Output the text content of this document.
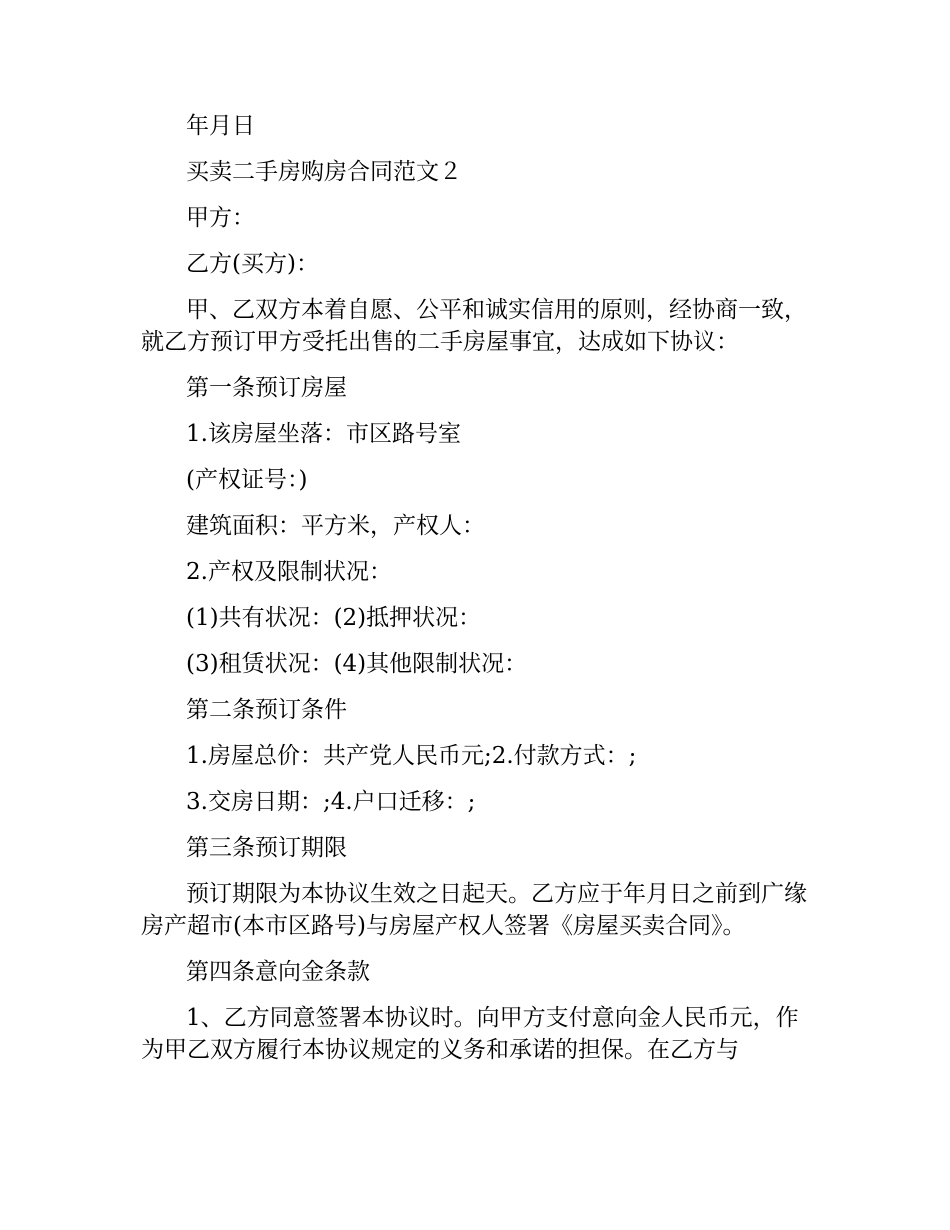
年月日

买卖二手房购房合同范文２

甲方：

乙方(买方)：

甲、乙双方本着自愿、公平和诚实信用的原则，经协商一致，就乙方预订甲方受托出售的二手房屋事宜，达成如下协议：

第一条预订房屋

1.该房屋坐落：市区路号室

(产权证号：)

建筑面积：平方米，产权人：

2.产权及限制状况：

(1)共有状况：(2)抵押状况：

(3)租赁状况：(4)其他限制状况：

第二条预订条件

1.房屋总价：共产党人民币元;2.付款方式：;

3.交房日期：;4.户口迁移：;

第三条预订期限

预订期限为本协议生效之日起天。乙方应于年月日之前到广缘房产超市(本市区路号)与房屋产权人签署《房屋买卖合同》。

第四条意向金条款

1、乙方同意签署本协议时。向甲方支付意向金人民币元，作为甲乙双方履行本协议规定的义务和承诺的担保。在乙方与
